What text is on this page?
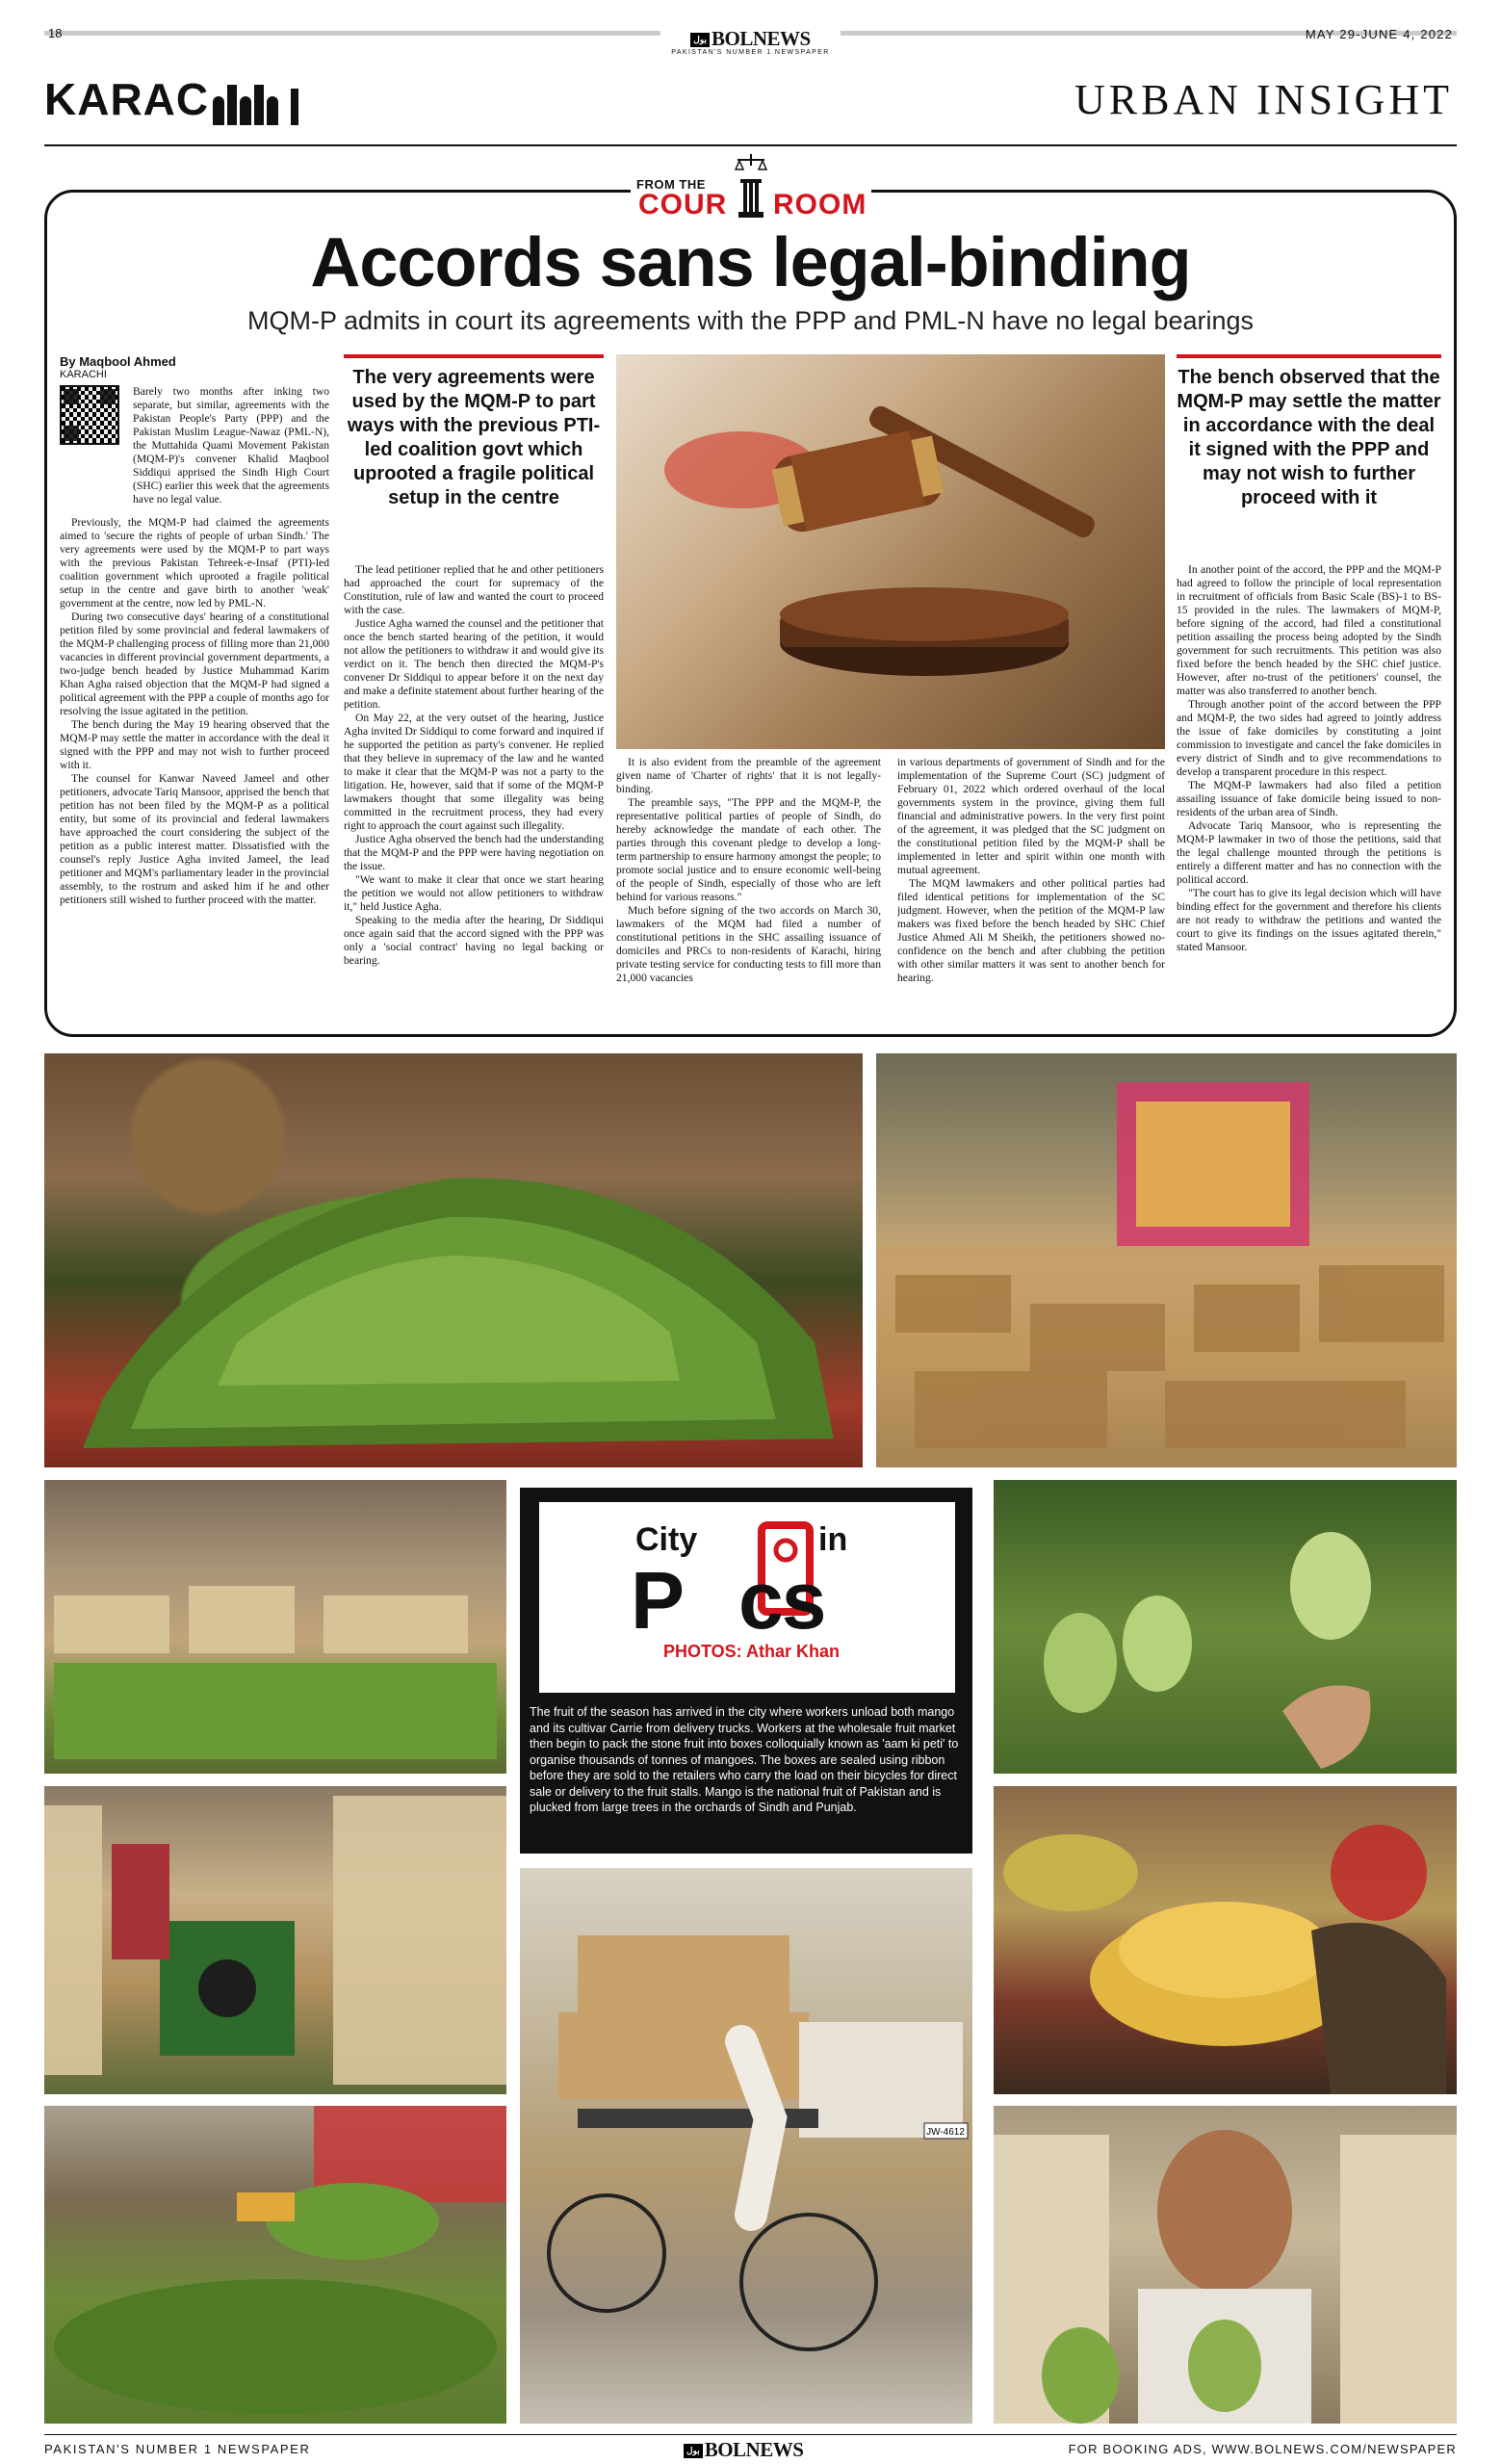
18	بول BOLNEWS
PAKISTAN'S NUMBER 1 NEWSPAPER
MAY 29-JUNE 4, 2022
KARAC	URBAN INSIGHT
FROM THE
COUR ROOM
Accords sans legal-binding
MQM-P admits in court its agreements with the PPP and PML-N have no legal bearings
By Maqbool Ahmed
KARACHI

Barely two months after inking two separate, but similar, agreements with the Pakistan People's Party (PPP) and the Pakistan Muslim League-Nawaz (PML-N), the Muttahida Quami Movement Pakistan (MQM-P)'s convener Khalid Maqbool Siddiqui apprised the Sindh High Court (SHC) earlier this week that the agreements have no legal value.

Previously, the MQM-P had claimed the agreements aimed to 'secure the rights of people of urban Sindh.' The very agreements were used by the MQM-P to part ways with the previous Pakistan Tehreek-e-Insaf (PTI)-led coalition government which uprooted a fragile political setup in the centre and gave birth to another 'weak' government at the centre, now led by PML-N.

During two consecutive days' hearing of a constitutional petition filed by some provincial and federal lawmakers of the MQM-P challenging process of filling more than 21,000 vacancies in different provincial government departments, a two-judge bench headed by Justice Muhammad Karim Khan Agha raised objection that the MQM-P had signed a political agreement with the PPP a couple of months ago for resolving the issue agitated in the petition.

The bench during the May 19 hearing observed that the MQM-P may settle the matter in accordance with the deal it signed with the PPP and may not wish to further proceed with it.

The counsel for Kanwar Naveed Jameel and other petitioners, advocate Tariq Mansoor, apprised the bench that petition has not been filed by the MQM-P as a political entity, but some of its provincial and federal lawmakers have approached the court considering the subject of the petition as a public interest matter. Dissatisfied with the counsel's reply Justice Agha invited Jameel, the lead petitioner and MQM's parliamentary leader in the provincial assembly, to the rostrum and asked him if he and other petitioners still wished to further proceed with the matter.

The very agreements were used by the MQM-P to part ways with the previous PTI-led coalition govt which uprooted a fragile political setup in the centre
The bench observed that the MQM-P may settle the matter in accordance with the deal it signed with the PPP and may not wish to further proceed with it

The lead petitioner replied that he and other petitioners had approached the court for supremacy of the Constitution, rule of law and wanted the court to proceed with the case.

Justice Agha warned the counsel and the petitioner that once the bench started hearing of the petition, it would not allow the petitioners to withdraw it and would give its verdict on it. The bench then directed the MQM-P's convener Dr Siddiqui to appear before it on the next day and make a definite statement about further hearing of the petition.

On May 22, at the very outset of the hearing, Justice Agha invited Dr Siddiqui to come forward and inquired if he supported the petition as party's convener. He replied that they believe in supremacy of the law and he wanted to make it clear that the MQM-P was not a party to the litigation. He, however, said that if some of the MQM-P lawmakers thought that some illegality was being committed in the recruitment process, they had every right to approach the court against such illegality.

Justice Agha observed the bench had the understanding that the MQM-P and the PPP were having negotiation on the issue.

"We want to make it clear that once we start hearing the petition we would not allow petitioners to withdraw it," held Justice Agha.

Speaking to the media after the hearing, Dr Siddiqui once again said that the accord signed with the PPP was only a 'social contract' having no legal backing or bearing.

It is also evident from the preamble of the agreement given name of 'Charter of rights' that it is not legally-binding.

The preamble says, "The PPP and the MQM-P, the representative political parties of people of Sindh, do hereby acknowledge the mandate of each other. The parties through this covenant pledge to develop a long-term partnership to ensure harmony amongst the people; to promote social justice and to ensure economic well-being of the people of Sindh, especially of those who are left behind for various reasons."

Much before signing of the two accords on March 30, lawmakers of the MQM had filed a number of constitutional petitions in the SHC assailing issuance of domiciles and PRCs to non-residents of Karachi, hiring private testing service for conducting tests to fill more than 21,000 vacancies

in various departments of government of Sindh and for the implementation of the Supreme Court (SC) judgment of February 01, 2022 which ordered overhaul of the local governments system in the province, giving them full financial and administrative powers. In the very first point of the agreement, it was pledged that the SC judgment on the constitutional petition filed by the MQM-P shall be implemented in letter and spirit within one month with mutual agreement.

The MQM lawmakers and other political parties had filed identical petitions for implementation of the SC judgment. However, when the petition of the MQM-P law makers was fixed before the bench headed by SHC Chief Justice Ahmed Ali M Sheikh, the petitioners showed no-confidence on the bench and after clubbing the petition with other similar matters it was sent to another bench for hearing.

In another point of the accord, the PPP and the MQM-P had agreed to follow the principle of local representation in recruitment of officials from Basic Scale (BS)-1 to BS-15 provided in the rules. The lawmakers of MQM-P, before signing of the accord, had filed a constitutional petition assailing the process being adopted by the Sindh government for such recruitments. This petition was also fixed before the bench headed by the SHC chief justice. However, after no-trust of the petitioners' counsel, the matter was also transferred to another bench.

Through another point of the accord between the PPP and MQM-P, the two sides had agreed to jointly address the issue of fake domiciles by constituting a joint commission to investigate and cancel the fake domiciles in every district of Sindh and to give recommendations to develop a transparent procedure in this respect.

The MQM-P lawmakers had also filed a petition assailing issuance of fake domicile being issued to non-residents of the urban area of Sindh.

Advocate Tariq Mansoor, who is representing the MQM-P lawmaker in two of those the petitions, said that the legal challenge mounted through the petitions is entirely a different matter and has no connection with the political accord.

"The court has to give its legal decision which will have binding effect for the government and therefore his clients are not ready to withdraw the petitions and wanted the court to give its findings on the issues agitated therein," stated Mansoor.

City	in
P cs
PHOTOS: Athar Khan
The fruit of the season has arrived in the city where workers unload both mango and its cultivar Carrie from delivery trucks. Workers at the wholesale fruit market then begin to pack the stone fruit into boxes colloquially known as 'aam ki peti' to organise thousands of tonnes of mangoes. The boxes are sealed using ribbon before they are sold to the retailers who carry the load on their bicycles for direct sale or delivery to the fruit stalls. Mango is the national fruit of Pakistan and is plucked from large trees in the orchards of Sindh and Punjab.
JW-4612
PAKISTAN'S NUMBER 1 NEWSPAPER	بول BOLNEWS	FOR BOOKING ADS, WWW.BOLNEWS.COM/NEWSPAPER
